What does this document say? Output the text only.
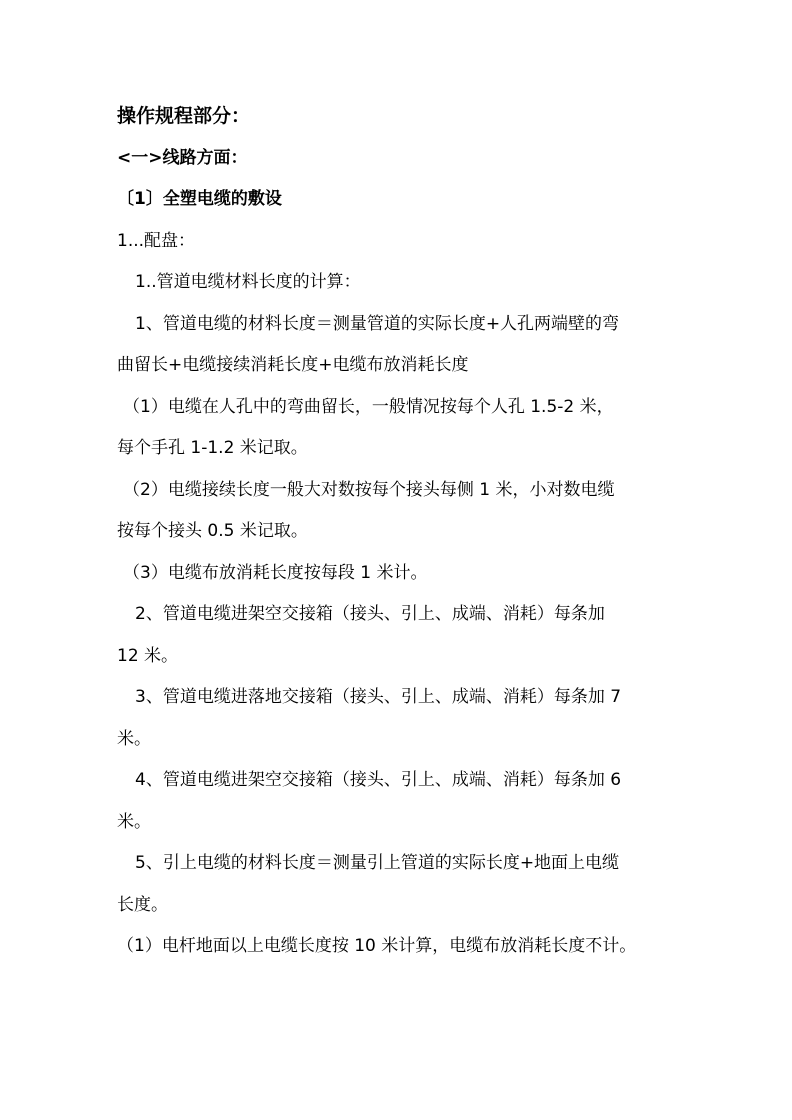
操作规程部分：
<一>线路方面：
〔1〕全塑电缆的敷设
1...配盘：
1..管道电缆材料长度的计算：
1、管道电缆的材料长度＝测量管道的实际长度+人孔两端壁的弯
曲留长+电缆接续消耗长度+电缆布放消耗长度
（1）电缆在人孔中的弯曲留长，一般情况按每个人孔 1.5-2 米，
每个手孔 1-1.2 米记取。
（2）电缆接续长度一般大对数按每个接头每侧 1 米，小对数电缆
按每个接头 0.5 米记取。
（3）电缆布放消耗长度按每段 1 米计。
2、管道电缆进架空交接箱（接头、引上、成端、消耗）每条加
12 米。
3、管道电缆进落地交接箱（接头、引上、成端、消耗）每条加 7
米。
4、管道电缆进架空交接箱（接头、引上、成端、消耗）每条加 6
米。
5、引上电缆的材料长度＝测量引上管道的实际长度+地面上电缆
长度。
（1）电杆地面以上电缆长度按 10 米计算，电缆布放消耗长度不计。
